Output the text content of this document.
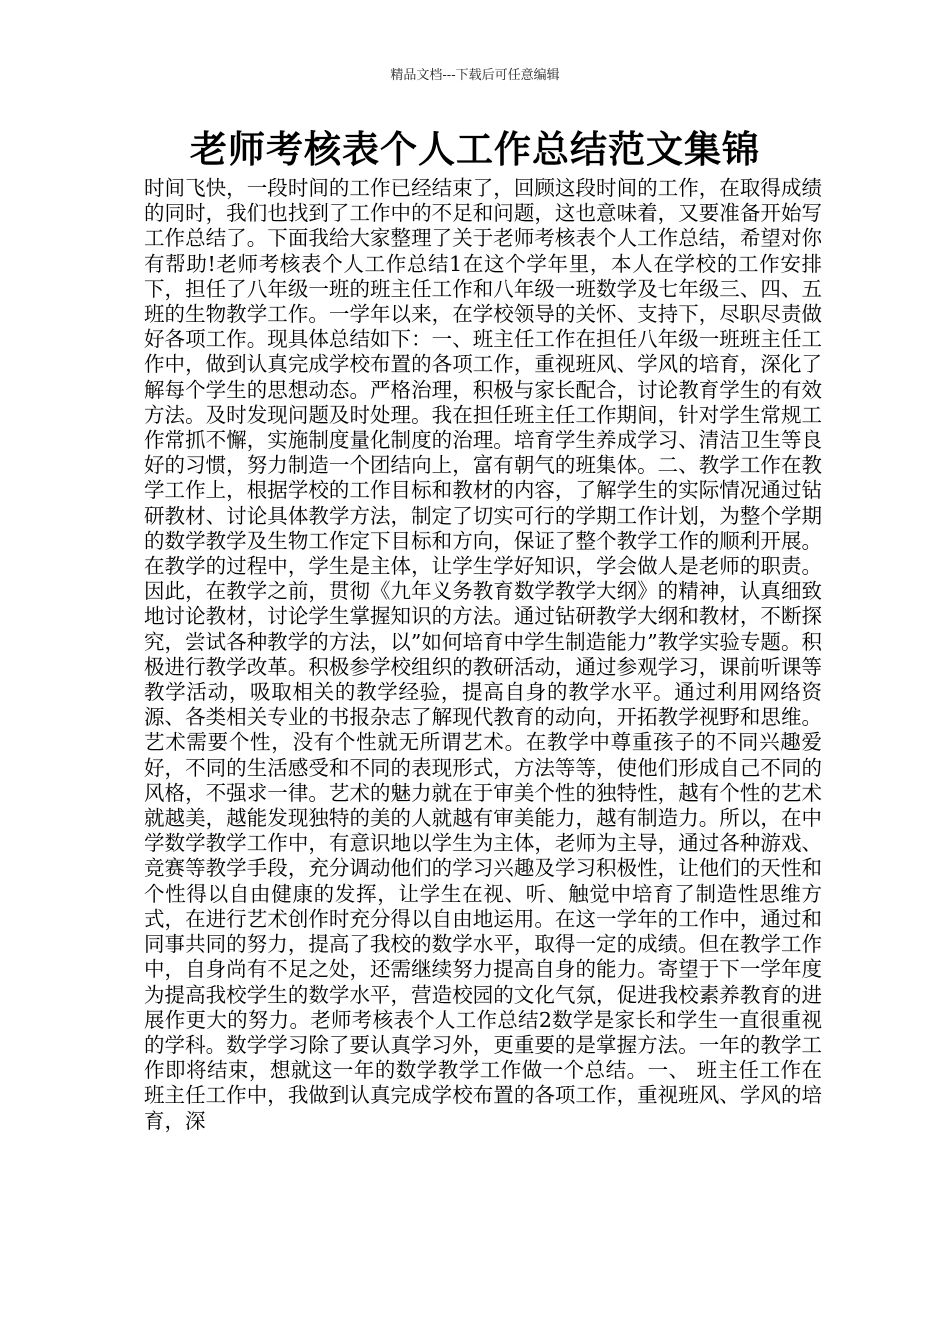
精品文档---下载后可任意编辑
老师考核表个人工作总结范文集锦

时间飞快，一段时间的工作已经结束了，回顾这段时间的工作，在取得成绩的同时，我们也找到了工作中的不足和问题，这也意味着，又要准备开始写工作总结了。下面我给大家整理了关于老师考核表个人工作总结，希望对你有帮助!老师考核表个人工作总结1在这个学年里，本人在学校的工作安排下，担任了八年级一班的班主任工作和八年级一班数学及七年级三、四、五班的生物教学工作。一学年以来，在学校领导的关怀、支持下，尽职尽责做好各项工作。现具体总结如下：一、班主任工作在担任八年级一班班主任工作中，做到认真完成学校布置的各项工作，重视班风、学风的培育，深化了解每个学生的思想动态。严格治理，积极与家长配合，讨论教育学生的有效方法。及时发现问题及时处理。我在担任班主任工作期间，针对学生常规工作常抓不懈，实施制度量化制度的治理。培育学生养成学习、清洁卫生等良好的习惯，努力制造一个团结向上，富有朝气的班集体。二、教学工作在教学工作上，根据学校的工作目标和教材的内容，了解学生的实际情况通过钻研教材、讨论具体教学方法，制定了切实可行的学期工作计划，为整个学期的数学教学及生物工作定下目标和方向，保证了整个教学工作的顺利开展。在教学的过程中，学生是主体，让学生学好知识，学会做人是老师的职责。因此，在教学之前，贯彻《九年义务教育数学教学大纲》的精神，认真细致地讨论教材，讨论学生掌握知识的方法。通过钻研教学大纲和教材，不断探究，尝试各种教学的方法，以”如何培育中学生制造能力”教学实验专题。积极进行教学改革。积极参学校组织的教研活动，通过参观学习，课前听课等教学活动，吸取相关的教学经验，提高自身的教学水平。通过利用网络资源、各类相关专业的书报杂志了解现代教育的动向，开拓教学视野和思维。艺术需要个性，没有个性就无所谓艺术。在教学中尊重孩子的不同兴趣爱好，不同的生活感受和不同的表现形式，方法等等，使他们形成自己不同的风格，不强求一律。艺术的魅力就在于审美个性的独特性，越有个性的艺术就越美，越能发现独特的美的人就越有审美能力，越有制造力。所以，在中学数学教学工作中，有意识地以学生为主体，老师为主导，通过各种游戏、竞赛等教学手段，充分调动他们的学习兴趣及学习积极性，让他们的天性和个性得以自由健康的发挥，让学生在视、听、触觉中培育了制造性思维方式，在进行艺术创作时充分得以自由地运用。在这一学年的工作中，通过和同事共同的努力，提高了我校的数学水平，取得一定的成绩。但在教学工作中，自身尚有不足之处，还需继续努力提高自身的能力。寄望于下一学年度为提高我校学生的数学水平，营造校园的文化气氛，促进我校素养教育的进展作更大的努力。老师考核表个人工作总结2数学是家长和学生一直很重视的学科。数学学习除了要认真学习外，更重要的是掌握方法。一年的教学工作即将结束，想就这一年的数学教学工作做一个总结。一、 班主任工作在班主任工作中，我做到认真完成学校布置的各项工作，重视班风、学风的培育，深
